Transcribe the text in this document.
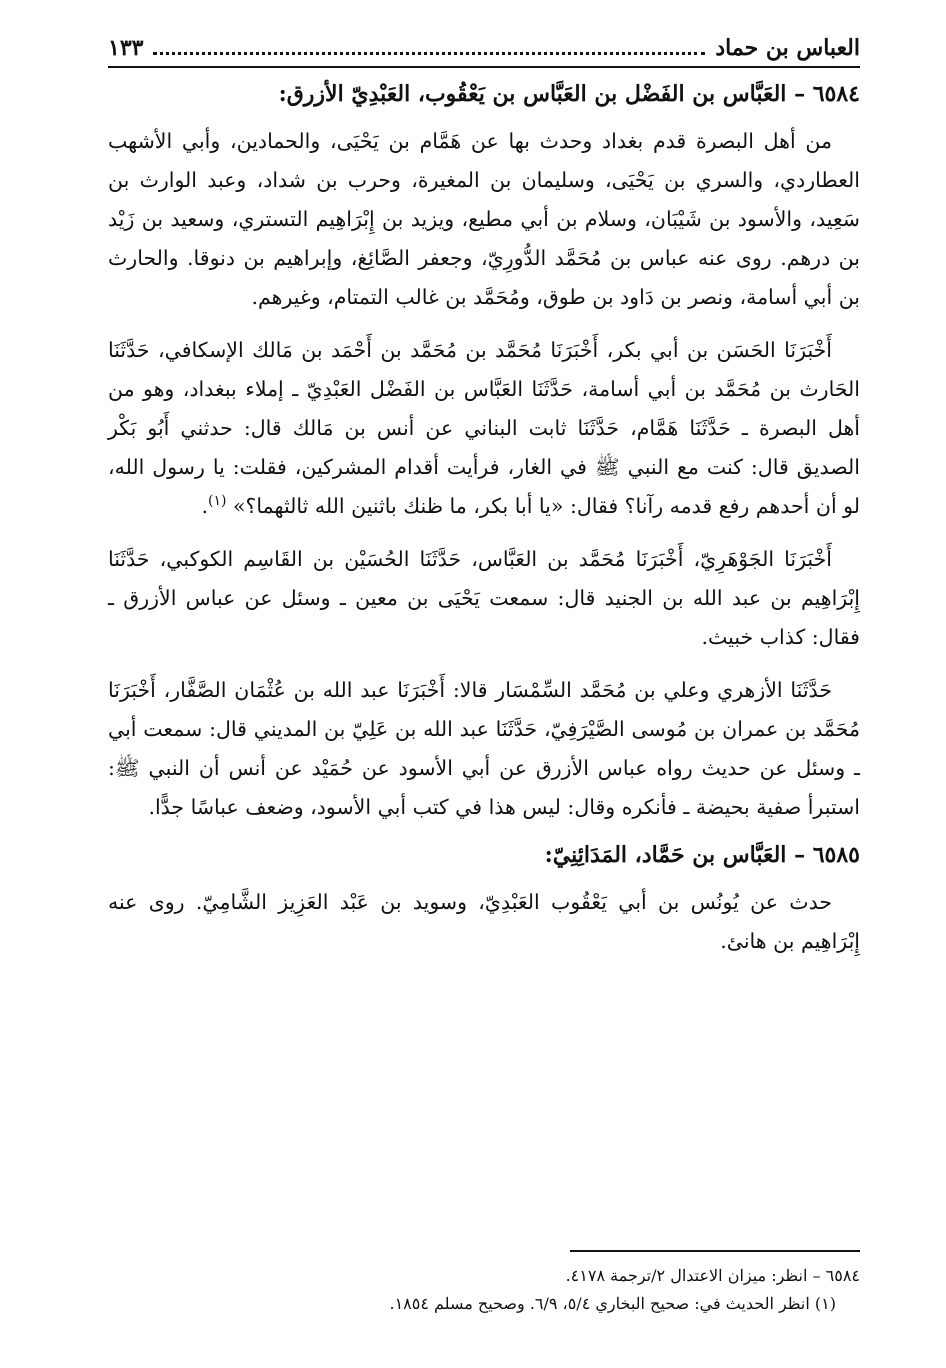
العباس بن حماد
١٣٣
٦٥٨٤ – العَبَّاس بن الفَضْل بن العَبَّاس بن يَعْقُوب، العَبْدِيّ الأزرق:

من أهل البصرة قدم بغداد وحدث بها عن هَمَّام بن يَحْيَى، والحمادين، وأبي الأشهب العطاردي، والسري بن يَحْيَى، وسليمان بن المغيرة، وحرب بن شداد، وعبد الوارث بن سَعِيد، والأسود بن شَيْبَان، وسلام بن أبي مطيع، ويزيد بن إِبْرَاهِيم التستري، وسعيد بن زَيْد بن درهم. روى عنه عباس بن مُحَمَّد الدُّورِيّ، وجعفر الصَّائِغ، وإبراهيم بن دنوقا. والحارث بن أبي أسامة، ونصر بن دَاود بن طوق، ومُحَمَّد بن غالب التمتام، وغيرهم.

أَخْبَرَنَا الحَسَن بن أبي بكر، أَخْبَرَنَا مُحَمَّد بن مُحَمَّد بن أَحْمَد بن مَالك الإسكافي، حَدَّثَنَا الحَارث بن مُحَمَّد بن أبي أسامة، حَدَّثَنَا العَبَّاس بن الفَضْل العَبْدِيّ ـ إملاء ببغداد، وهو من أهل البصرة ـ حَدَّثَنَا هَمَّام، حَدَّثَنَا ثابت البناني عن أنس بن مَالك قال: حدثني أَبُو بَكْر الصديق قال: كنت مع النبي ﷺ في الغار، فرأيت أقدام المشركين، فقلت: يا رسول الله، لو أن أحدهم رفع قدمه رآنا؟ فقال: «يا أبا بكر، ما ظنك باثنين الله ثالثهما؟» $^{(١)}$.

أَخْبَرَنَا الجَوْهَرِيّ، أَخْبَرَنَا مُحَمَّد بن العَبَّاس، حَدَّثَنَا الحُسَيْن بن القَاسِم الكوكبي، حَدَّثَنَا إِبْرَاهِيم بن عبد الله بن الجنيد قال: سمعت يَحْيَى بن معين ـ وسئل عن عباس الأزرق ـ فقال: كذاب خبيث.

حَدَّثَنَا الأزهري وعلي بن مُحَمَّد السِّمْسَار قالا: أَخْبَرَنَا عبد الله بن عُثْمَان الصَّفَّار، أَخْبَرَنَا مُحَمَّد بن عمران بن مُوسى الصَّيْرَفِيّ، حَدَّثَنَا عبد الله بن عَلِيّ بن المديني قال: سمعت أبي ـ وسئل عن حديث رواه عباس الأزرق عن أبي الأسود عن حُمَيْد عن أنس أن النبي ﷺ: استبرأ صفية بحيضة ـ فأنكره وقال: ليس هذا في كتب أبي الأسود، وضعف عباسًا جدًّا.

٦٥٨٥ – العَبَّاس بن حَمَّاد، المَدَائِنِيّ:

حدث عن يُونُس بن أبي يَعْقُوب العَبْدِيّ، وسويد بن عَبْد العَزِيز الشَّامِيّ. روى عنه إِبْرَاهِيم بن هانئ.

٦٥٨٤ – انظر: ميزان الاعتدال ٢/ترجمة ٤١٧٨.
(١) انظر الحديث في: صحيح البخاري ٥/٤، ٦/٩. وصحيح مسلم ١٨٥٤.
